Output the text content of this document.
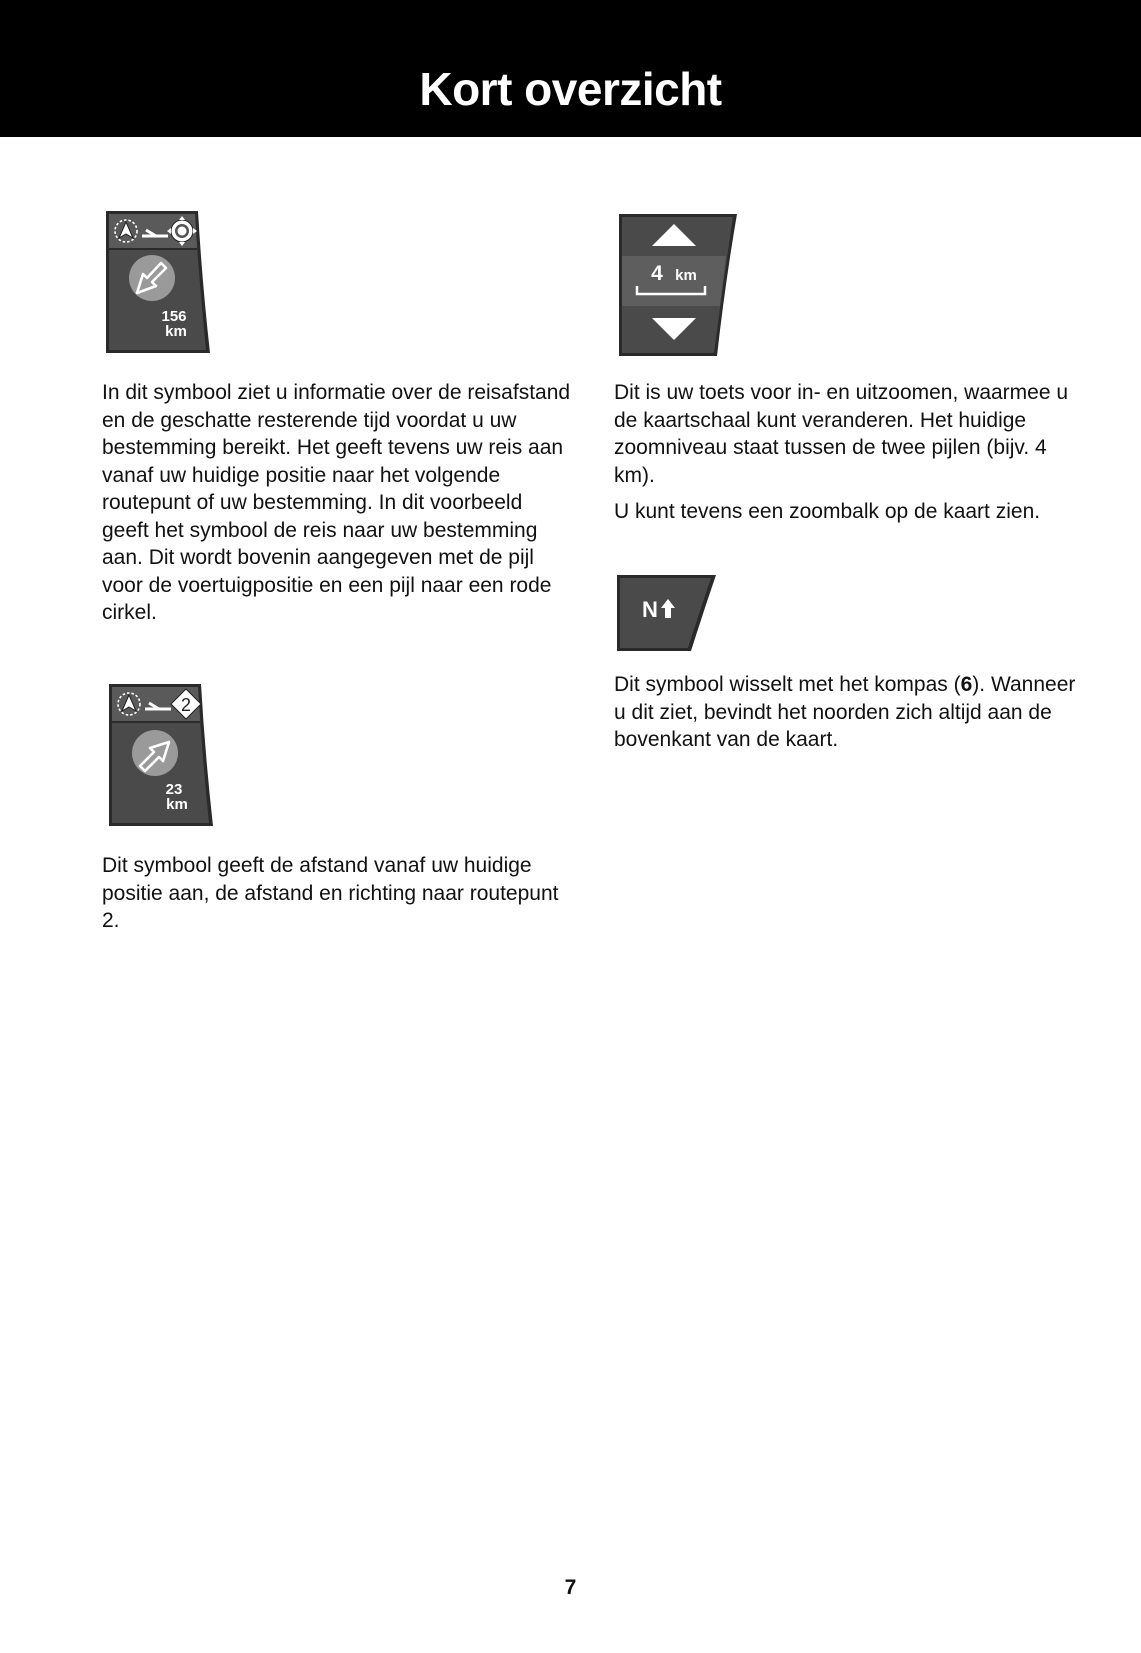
Kort overzicht
156
km
2
23
km
4 km
N

In dit symbool ziet u informatie over de reisafstand en de geschatte resterende tijd voordat u uw bestemming bereikt. Het geeft tevens uw reis aan vanaf uw huidige positie naar het volgende routepunt of uw bestemming. In dit voorbeeld geeft het symbool de reis naar uw bestemming aan. Dit wordt bovenin aangegeven met de pijl voor de voertuigpositie en een pijl naar een rode cirkel.

Dit symbool geeft de afstand vanaf uw huidige positie aan, de afstand en richting naar routepunt 2.

Dit is uw toets voor in- en uitzoomen, waarmee u de kaartschaal kunt veranderen. Het huidige zoomniveau staat tussen de twee pijlen (bijv. 4 km).

U kunt tevens een zoombalk op de kaart zien.

Dit symbool wisselt met het kompas (6). Wanneer u dit ziet, bevindt het noorden zich altijd aan de bovenkant van de kaart.

7
